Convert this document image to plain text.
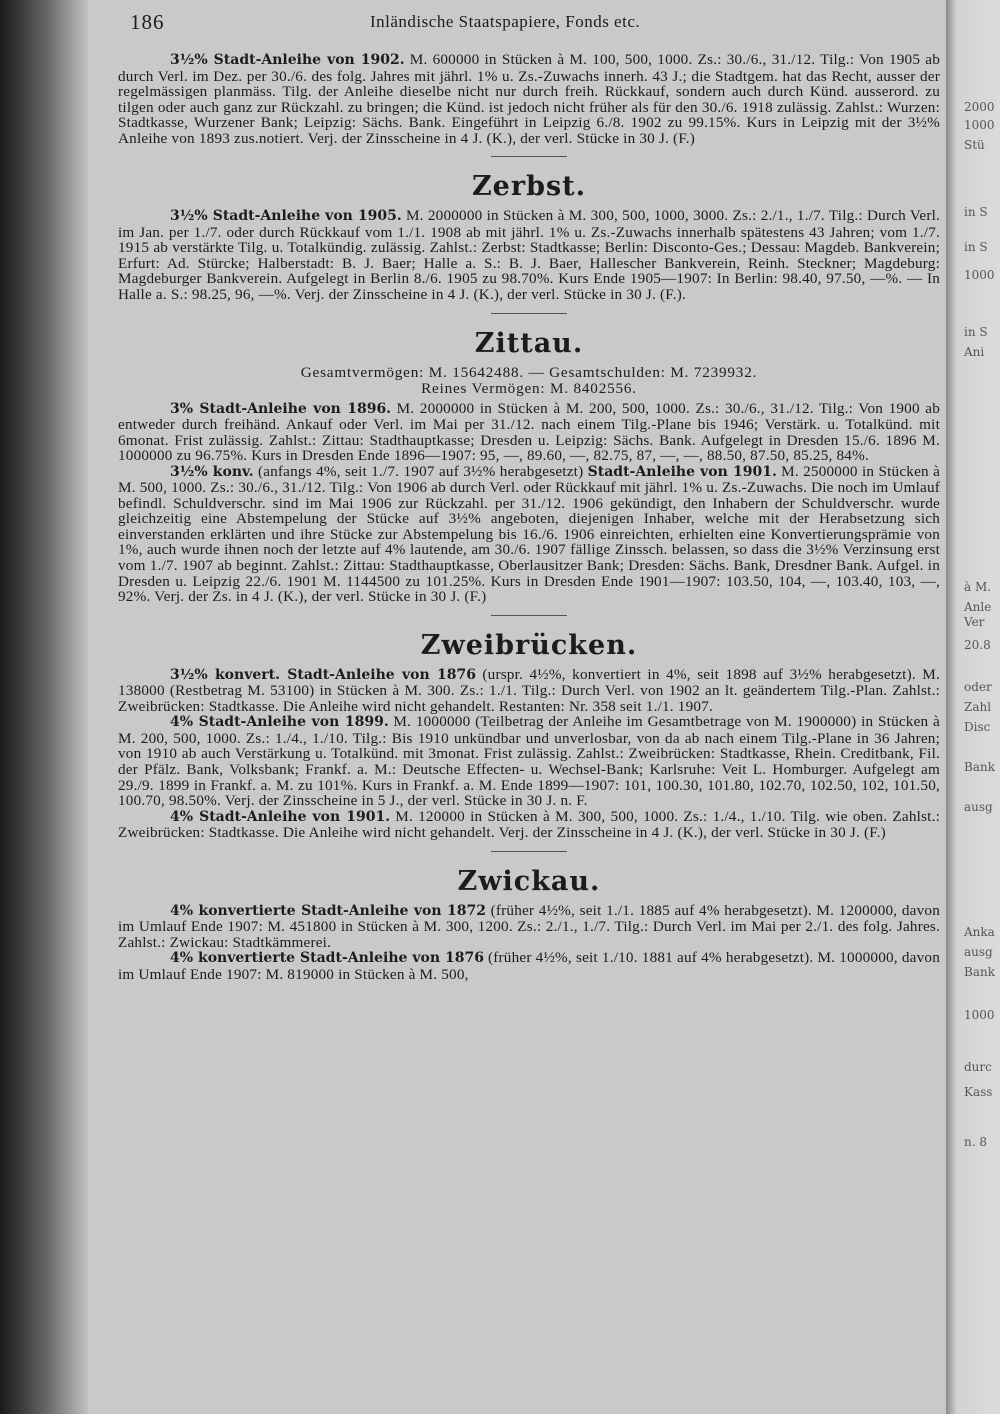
2000
1000
Stü
in S
in S
1000
in S
Ani
à M.
Anle
Ver
20.8
oder
Zahl
Disc
Bank
ausg
Anka
ausg
Bank
1000
durc
Kass
n. 8
186	Inländische Staatspapiere, Fonds etc.
3½% Stadt-Anleihe von 1902. M. 600000 in Stücken à M. 100, 500, 1000. Zs.: 30./6., 31./12. Tilg.: Von 1905 ab durch Verl. im Dez. per 30./6. des folg. Jahres mit jährl. 1% u. Zs.-Zuwachs innerh. 43 J.; die Stadtgem. hat das Recht, ausser der regelmässigen planmäss. Tilg. der Anleihe dieselbe nicht nur durch freih. Rückkauf, sondern auch durch Künd. ausserord. zu tilgen oder auch ganz zur Rückzahl. zu bringen; die Künd. ist jedoch nicht früher als für den 30./6. 1918 zulässig. Zahlst.: Wurzen: Stadtkasse, Wurzener Bank; Leipzig: Sächs. Bank. Eingeführt in Leipzig 6./8. 1902 zu 99.15%. Kurs in Leipzig mit der 3½% Anleihe von 1893 zus.notiert. Verj. der Zinsscheine in 4 J. (K.), der verl. Stücke in 30 J. (F.)
Zerbst.
3½% Stadt-Anleihe von 1905. M. 2000000 in Stücken à M. 300, 500, 1000, 3000. Zs.: 2./1., 1./7. Tilg.: Durch Verl. im Jan. per 1./7. oder durch Rückkauf vom 1./1. 1908 ab mit jährl. 1% u. Zs.-Zuwachs innerhalb spätestens 43 Jahren; vom 1./7. 1915 ab verstärkte Tilg. u. Totalkündig. zulässig. Zahlst.: Zerbst: Stadtkasse; Berlin: Disconto-Ges.; Dessau: Magdeb. Bankverein; Erfurt: Ad. Stürcke; Halberstadt: B. J. Baer; Halle a. S.: B. J. Baer, Hallescher Bankverein, Reinh. Steckner; Magdeburg: Magdeburger Bankverein. Aufgelegt in Berlin 8./6. 1905 zu 98.70%. Kurs Ende 1905—1907: In Berlin: 98.40, 97.50, —%. — In Halle a. S.: 98.25, 96, —%. Verj. der Zinsscheine in 4 J. (K.), der verl. Stücke in 30 J. (F.).
Zittau.
Gesamtvermögen: M. 15642488. — Gesamtschulden: M. 7239932.
Reines Vermögen: M. 8402556.
3% Stadt-Anleihe von 1896. M. 2000000 in Stücken à M. 200, 500, 1000. Zs.: 30./6., 31./12. Tilg.: Von 1900 ab entweder durch freihänd. Ankauf oder Verl. im Mai per 31./12. nach einem Tilg.-Plane bis 1946; Verstärk. u. Totalkünd. mit 6monat. Frist zulässig. Zahlst.: Zittau: Stadthauptkasse; Dresden u. Leipzig: Sächs. Bank. Aufgelegt in Dresden 15./6. 1896 M. 1000000 zu 96.75%. Kurs in Dresden Ende 1896—1907: 95, —, 89.60, —, 82.75, 87, —, —, 88.50, 87.50, 85.25, 84%.
3½% konv. (anfangs 4%, seit 1./7. 1907 auf 3½% herabgesetzt) Stadt-Anleihe von 1901. M. 2500000 in Stücken à M. 500, 1000. Zs.: 30./6., 31./12. Tilg.: Von 1906 ab durch Verl. oder Rückkauf mit jährl. 1% u. Zs.-Zuwachs. Die noch im Umlauf befindl. Schuldverschr. sind im Mai 1906 zur Rückzahl. per 31./12. 1906 gekündigt, den Inhabern der Schuldverschr. wurde gleichzeitig eine Abstempelung der Stücke auf 3½% angeboten, diejenigen Inhaber, welche mit der Herabsetzung sich einverstanden erklärten und ihre Stücke zur Abstempelung bis 16./6. 1906 einreichten, erhielten eine Konvertierungsprämie von 1%, auch wurde ihnen noch der letzte auf 4% lautende, am 30./6. 1907 fällige Zinssch. belassen, so dass die 3½% Verzinsung erst vom 1./7. 1907 ab beginnt. Zahlst.: Zittau: Stadthauptkasse, Oberlausitzer Bank; Dresden: Sächs. Bank, Dresdner Bank. Aufgel. in Dresden u. Leipzig 22./6. 1901 M. 1144500 zu 101.25%. Kurs in Dresden Ende 1901—1907: 103.50, 104, —, 103.40, 103, —, 92%. Verj. der Zs. in 4 J. (K.), der verl. Stücke in 30 J. (F.)
Zweibrücken.
3½% konvert. Stadt-Anleihe von 1876 (urspr. 4½%, konvertiert in 4%, seit 1898 auf 3½% herabgesetzt). M. 138000 (Restbetrag M. 53100) in Stücken à M. 300. Zs.: 1./1. Tilg.: Durch Verl. von 1902 an lt. geändertem Tilg.-Plan. Zahlst.: Zweibrücken: Stadtkasse. Die Anleihe wird nicht gehandelt. Restanten: Nr. 358 seit 1./1. 1907.
4% Stadt-Anleihe von 1899. M. 1000000 (Teilbetrag der Anleihe im Gesamtbetrage von M. 1900000) in Stücken à M. 200, 500, 1000. Zs.: 1./4., 1./10. Tilg.: Bis 1910 unkündbar und unverlosbar, von da ab nach einem Tilg.-Plane in 36 Jahren; von 1910 ab auch Verstärkung u. Totalkünd. mit 3monat. Frist zulässig. Zahlst.: Zweibrücken: Stadtkasse, Rhein. Creditbank, Fil. der Pfälz. Bank, Volksbank; Frankf. a. M.: Deutsche Effecten- u. Wechsel-Bank; Karlsruhe: Veit L. Homburger. Aufgelegt am 29./9. 1899 in Frankf. a. M. zu 101%. Kurs in Frankf. a. M. Ende 1899—1907: 101, 100.30, 101.80, 102.70, 102.50, 102, 101.50, 100.70, 98.50%. Verj. der Zinsscheine in 5 J., der verl. Stücke in 30 J. n. F.
4% Stadt-Anleihe von 1901. M. 120000 in Stücken à M. 300, 500, 1000. Zs.: 1./4., 1./10. Tilg. wie oben. Zahlst.: Zweibrücken: Stadtkasse. Die Anleihe wird nicht gehandelt. Verj. der Zinsscheine in 4 J. (K.), der verl. Stücke in 30 J. (F.)
Zwickau.
4% konvertierte Stadt-Anleihe von 1872 (früher 4½%, seit 1./1. 1885 auf 4% herabgesetzt). M. 1200000, davon im Umlauf Ende 1907: M. 451800 in Stücken à M. 300, 1200. Zs.: 2./1., 1./7. Tilg.: Durch Verl. im Mai per 2./1. des folg. Jahres. Zahlst.: Zwickau: Stadtkämmerei.
4% konvertierte Stadt-Anleihe von 1876 (früher 4½%, seit 1./10. 1881 auf 4% herabgesetzt). M. 1000000, davon im Umlauf Ende 1907: M. 819000 in Stücken à M. 500,
